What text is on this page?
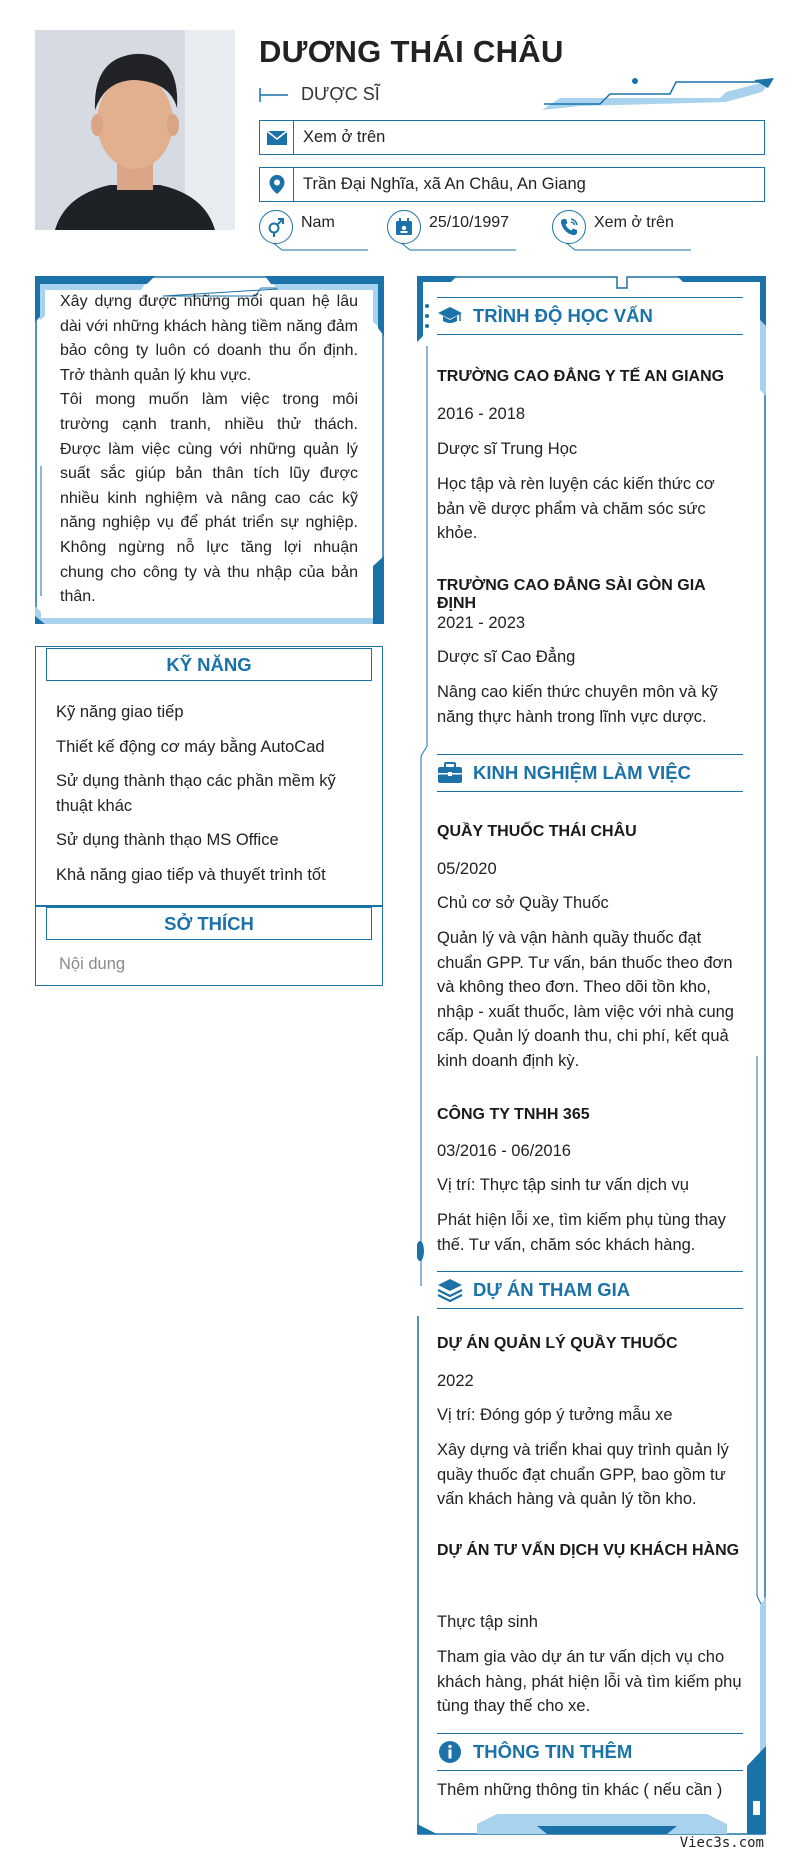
DƯƠNG THÁI CHÂU
DƯỢC SĨ
Xem ở trên
Trần Đại Nghĩa, xã An Châu, An Giang
Nam	25/10/1997	Xem ở trên
Xây dựng được những mối quan hệ lâu dài với những khách hàng tiềm năng đảm bảo công ty luôn có doanh thu ổn định. Trở thành quản lý khu vực.
Tôi mong muốn làm việc trong môi trường cạnh tranh, nhiều thử thách. Được làm việc cùng với những quản lý suất sắc giúp bản thân tích lũy được nhiều kinh nghiệm và nâng cao các kỹ năng nghiệp vụ để phát triển sự nghiệp. Không ngừng nỗ lực tăng lợi nhuận chung cho công ty và thu nhập của bản thân.
KỸ NĂNG
Kỹ năng giao tiếp
Thiết kế động cơ máy bằng AutoCad
Sử dụng thành thạo các phần mềm kỹ thuật khác
Sử dụng thành thạo MS Office
Khả năng giao tiếp và thuyết trình tốt
SỞ THÍCH
Nội dung
TRÌNH ĐỘ HỌC VẤN
TRƯỜNG CAO ĐẲNG Y TẾ AN GIANG
2016 - 2018
Dược sĩ Trung Học
Học tập và rèn luyện các kiến thức cơ bản về dược phẩm và chăm sóc sức khỏe.
TRƯỜNG CAO ĐẲNG SÀI GÒN GIA ĐỊNH
2021 - 2023
Dược sĩ Cao Đẳng
Nâng cao kiến thức chuyên môn và kỹ năng thực hành trong lĩnh vực dược.
KINH NGHIỆM LÀM VIỆC
QUẦY THUỐC THÁI CHÂU
05/2020
Chủ cơ sở Quầy Thuốc
Quản lý và vận hành quầy thuốc đạt chuẩn GPP. Tư vấn, bán thuốc theo đơn và không theo đơn. Theo dõi tồn kho, nhập - xuất thuốc, làm việc với nhà cung cấp. Quản lý doanh thu, chi phí, kết quả kinh doanh định kỳ.
CÔNG TY TNHH 365
03/2016 - 06/2016
Vị trí: Thực tập sinh tư vấn dịch vụ
Phát hiện lỗi xe, tìm kiếm phụ tùng thay thế. Tư vấn, chăm sóc khách hàng.
DỰ ÁN THAM GIA
DỰ ÁN QUẢN LÝ QUẦY THUỐC
2022
Vị trí: Đóng góp ý tưởng mẫu xe
Xây dựng và triển khai quy trình quản lý quầy thuốc đạt chuẩn GPP, bao gồm tư vấn khách hàng và quản lý tồn kho.
DỰ ÁN TƯ VẤN DỊCH VỤ KHÁCH HÀNG
Thực tập sinh
Tham gia vào dự án tư vấn dịch vụ cho khách hàng, phát hiện lỗi và tìm kiếm phụ tùng thay thế cho xe.
THÔNG TIN THÊM
Thêm những thông tin khác ( nếu cần )
Viec3s.com
